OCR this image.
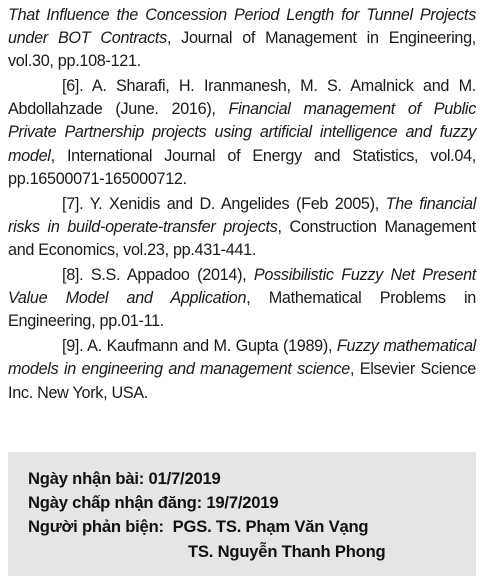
That Influence the Concession Period Length for Tunnel Projects under BOT Contracts, Journal of Management in Engineering, vol.30, pp.108-121.

[6]. A. Sharafi, H. Iranmanesh, M. S. Amalnick and M. Abdollahzade (June. 2016), Financial management of Public Private Partnership projects using artificial intelligence and fuzzy model, International Journal of Energy and Statistics, vol.04, pp.16500071-165000712.

[7]. Y. Xenidis and D. Angelides (Feb 2005), The financial risks in build-operate-transfer projects, Construction Management and Economics, vol.23, pp.431-441.

[8]. S.S. Appadoo (2014), Possibilistic Fuzzy Net Present Value Model and Application, Mathematical Problems in Engineering, pp.01-11.

[9]. A. Kaufmann and M. Gupta (1989), Fuzzy mathematical models in engineering and management science, Elsevier Science Inc. New York, USA.

Ngày nhận bài: 01/7/2019
Ngày chấp nhận đăng: 19/7/2019
Người phản biện: PGS. TS. Phạm Văn Vạng
TS. Nguyễn Thanh Phong
